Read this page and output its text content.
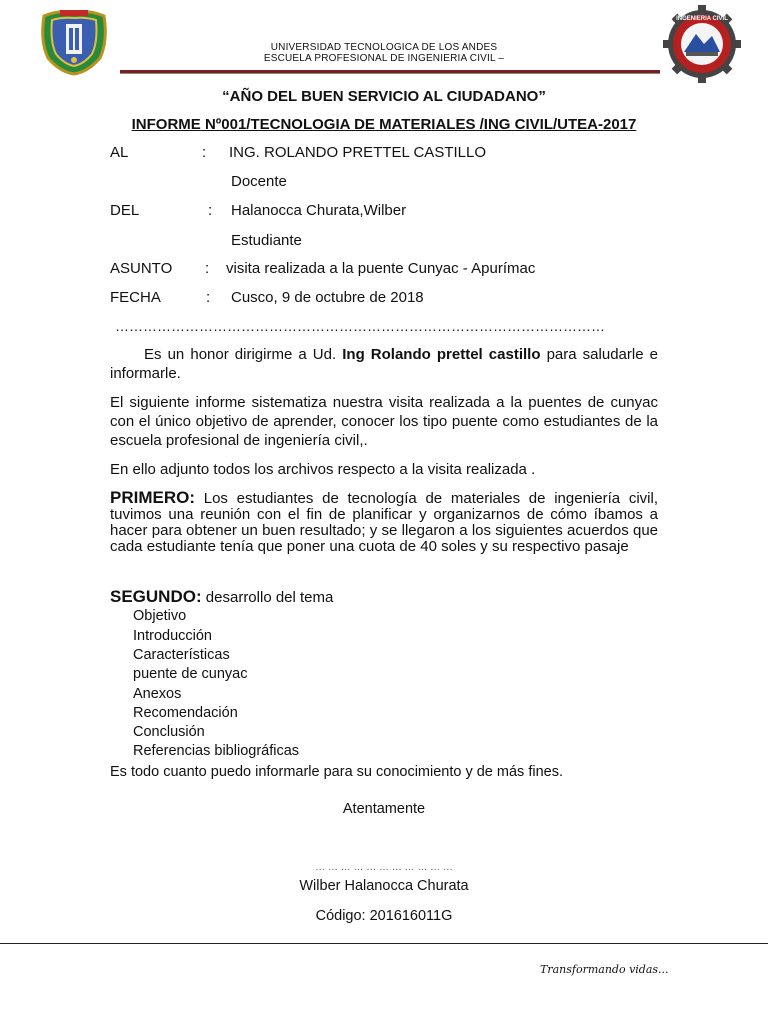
UNIVERSIDAD TECNOLOGICA DE LOS ANDES
ESCUELA PROFESIONAL DE INGENIERIA CIVIL –
INGENIERIA CIVIL
“AÑO DEL BUEN SERVICIO AL CIUDADANO”
INFORME Nº001/TECNOLOGIA DE MATERIALES /ING CIVIL/UTEA-2017
AL	: ING. ROLANDO PRETTEL CASTILLO
Docente
DEL	: Halanocca Churata,Wilber
Estudiante
ASUNTO : visita realizada a la puente Cunyac - Apurímac
FECHA	: Cusco, 9 de octubre de 2018
……………………………………………………………………………………………
Es un honor dirigirme a Ud. Ing Rolando prettel castillo para saludarle e informarle.
El siguiente informe sistematiza nuestra visita realizada a la puentes de cunyac con el único objetivo de aprender, conocer los tipo puente como estudiantes de la escuela profesional de ingeniería civil,.
En ello adjunto todos los archivos respecto a la visita realizada .
PRIMERO: Los estudiantes de tecnología de materiales de ingeniería civil, tuvimos una reunión con el fin de planificar y organizarnos de cómo íbamos a hacer para obtener un buen resultado; y se llegaron a los siguientes acuerdos que cada estudiante tenía que poner una cuota de 40 soles y su respectivo pasaje
SEGUNDO: desarrollo del tema
Objetivo
Introducción
Características
puente de cunyac
Anexos
Recomendación
Conclusión
Referencias bibliográficas
Es todo cuanto puedo informarle para su conocimiento y de más fines.
Atentamente
… … … … … … … … … … …
Wilber Halanocca Churata
Código: 201616011G
Transformando vidas...
